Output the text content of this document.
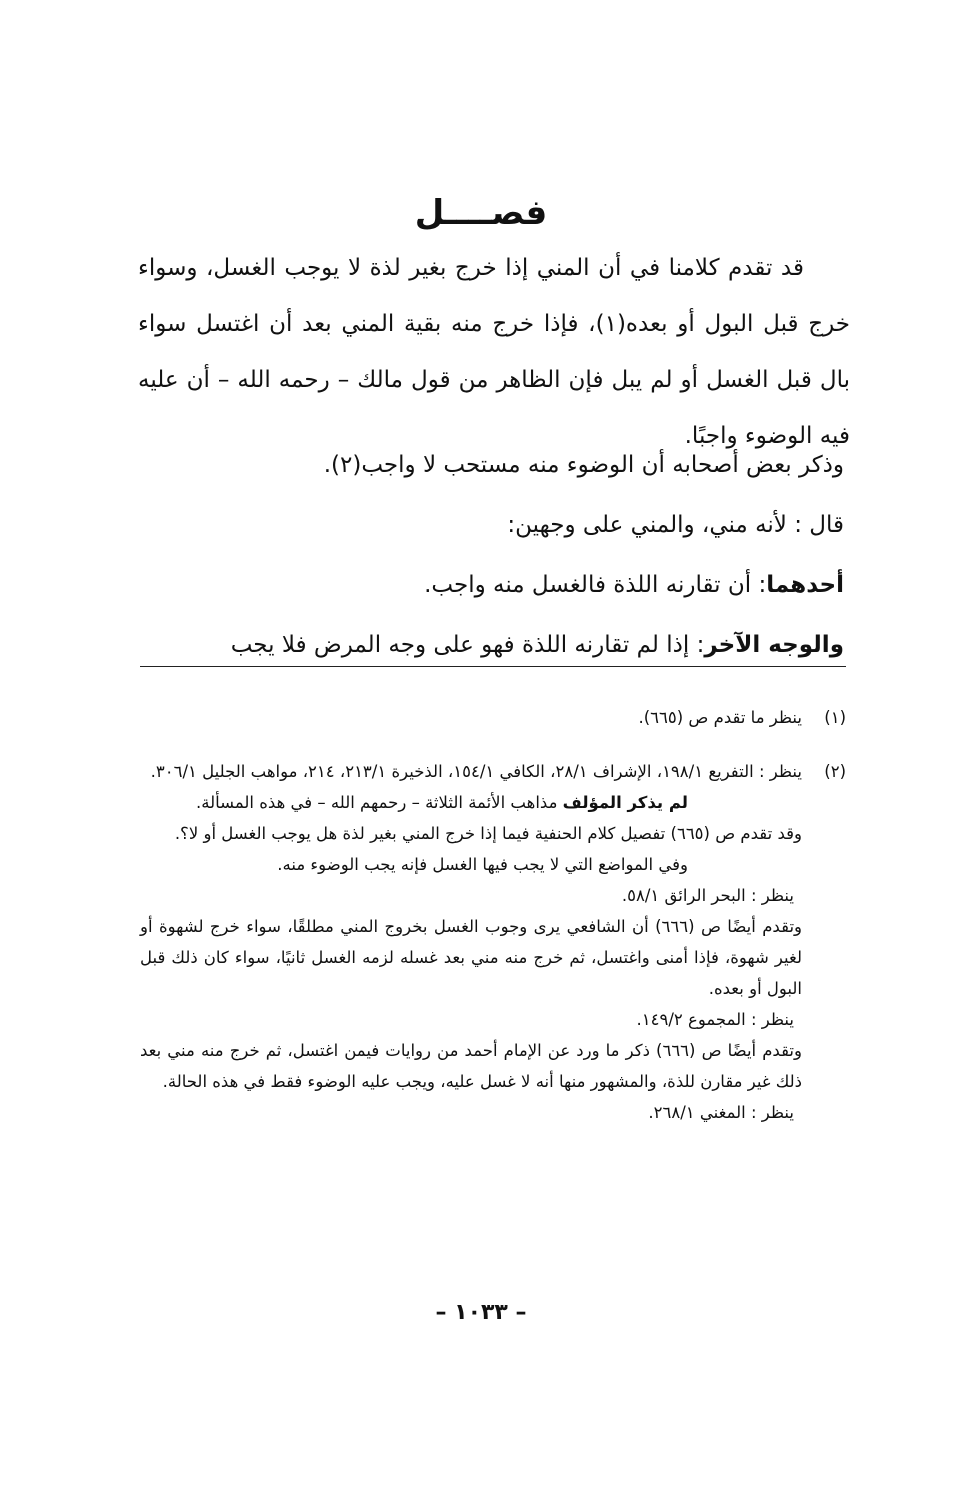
فصــــل
قد تقدم كلامنا في أن المني إذا خرج بغير لذة لا يوجب الغسل، وسواء خرج قبل البول أو بعده(١)، فإذا خرج منه بقية المني بعد أن اغتسل سواء بال قبل الغسل أو لم يبل فإن الظاهر من قول مالك – رحمه الله – أن عليه فيه الوضوء واجبًا.
وذكر بعض أصحابه أن الوضوء منه مستحب لا واجب(٢).
قال : لأنه مني، والمني على وجهين:
أحدهما: أن تقارنه اللذة فالغسل منه واجب.
والوجه الآخر: إذا لم تقارنه اللذة فهو على وجه المرض فلا يجب
(١)
ينظر ما تقدم ص (٦٦٥).
(٢)
ينظر : التفريع ١٩٨/١، الإشراف ٢٨/١، الكافي ١٥٤/١، الذخيرة ٢١٣/١، ٢١٤، مواهب الجليل ٣٠٦/١.
لم يذكر المؤلف مذاهب الأئمة الثلاثة – رحمهم الله – في هذه المسألة.
وقد تقدم ص (٦٦٥) تفصيل كلام الحنفية فيما إذا خرج المني بغير لذة هل يوجب الغسل أو لا؟.
وفي المواضع التي لا يجب فيها الغسل فإنه يجب الوضوء منه.
ينظر : البحر الرائق ٥٨/١.
وتقدم أيضًا ص (٦٦٦) أن الشافعي يرى وجوب الغسل بخروج المني مطلقًا، سواء خرج لشهوة أو لغير شهوة، فإذا أمنى واغتسل، ثم خرج منه مني بعد غسله لزمه الغسل ثانيًا، سواء كان ذلك قبل البول أو بعده.
ينظر : المجموع ١٤٩/٢.
وتقدم أيضًا ص (٦٦٦) ذكر ما ورد عن الإمام أحمد من روايات فيمن اغتسل، ثم خرج منه مني بعد ذلك غير مقارن للذة، والمشهور منها أنه لا غسل عليه، ويجب عليه الوضوء فقط في هذه الحالة.
ينظر : المغني ٢٦٨/١.
– ١٠٣٣ –
